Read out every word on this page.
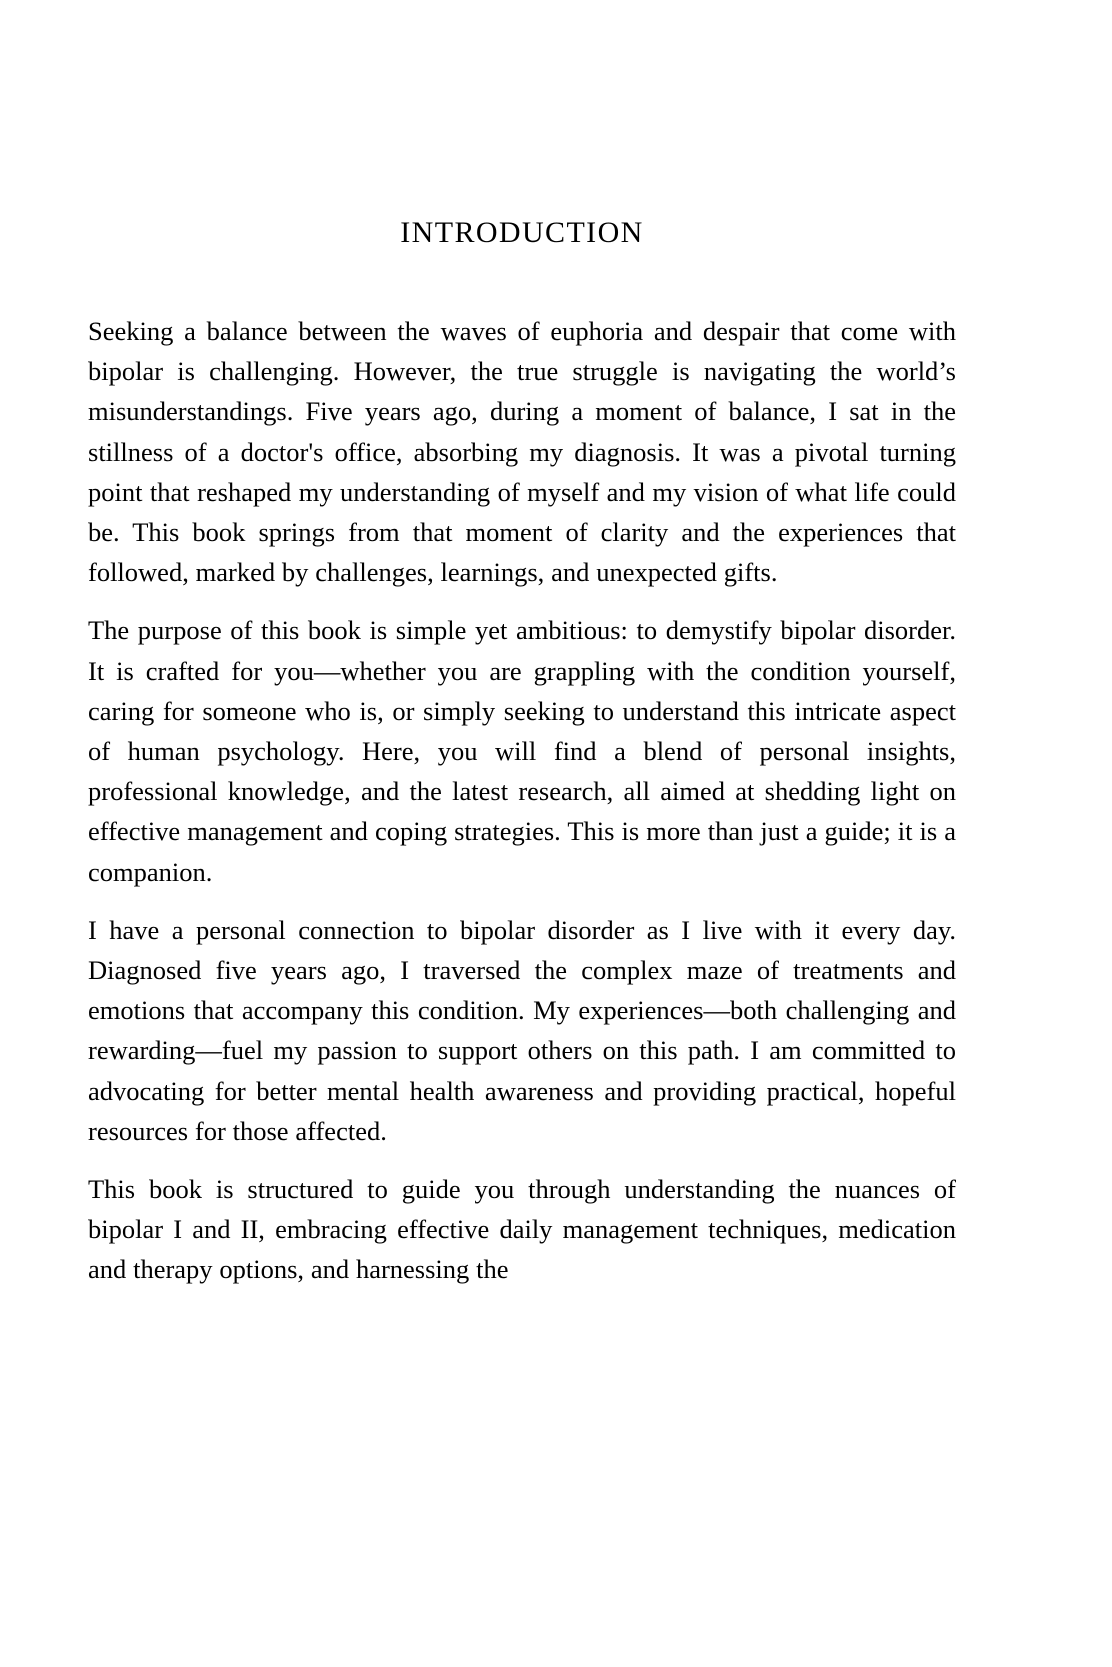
INTRODUCTION

Seeking a balance between the waves of euphoria and despair that come with bipolar is challenging. However, the true struggle is navigating the world’s misunderstandings. Five years ago, during a moment of balance, I sat in the stillness of a doctor's office, absorbing my diagnosis. It was a pivotal turning point that reshaped my understanding of myself and my vision of what life could be. This book springs from that moment of clarity and the experiences that followed, marked by challenges, learnings, and unexpected gifts.

The purpose of this book is simple yet ambitious: to demystify bipolar disorder. It is crafted for you—whether you are grappling with the condition yourself, caring for someone who is, or simply seeking to understand this intricate aspect of human psychology. Here, you will find a blend of personal insights, professional knowledge, and the latest research, all aimed at shedding light on effective management and coping strategies. This is more than just a guide; it is a companion.

I have a personal connection to bipolar disorder as I live with it every day. Diagnosed five years ago, I traversed the complex maze of treatments and emotions that accompany this condition. My experiences—both challenging and rewarding—fuel my passion to support others on this path. I am committed to advocating for better mental health awareness and providing practical, hopeful resources for those affected.

This book is structured to guide you through understanding the nuances of bipolar I and II, embracing effective daily management techniques, medication and therapy options, and harnessing the
